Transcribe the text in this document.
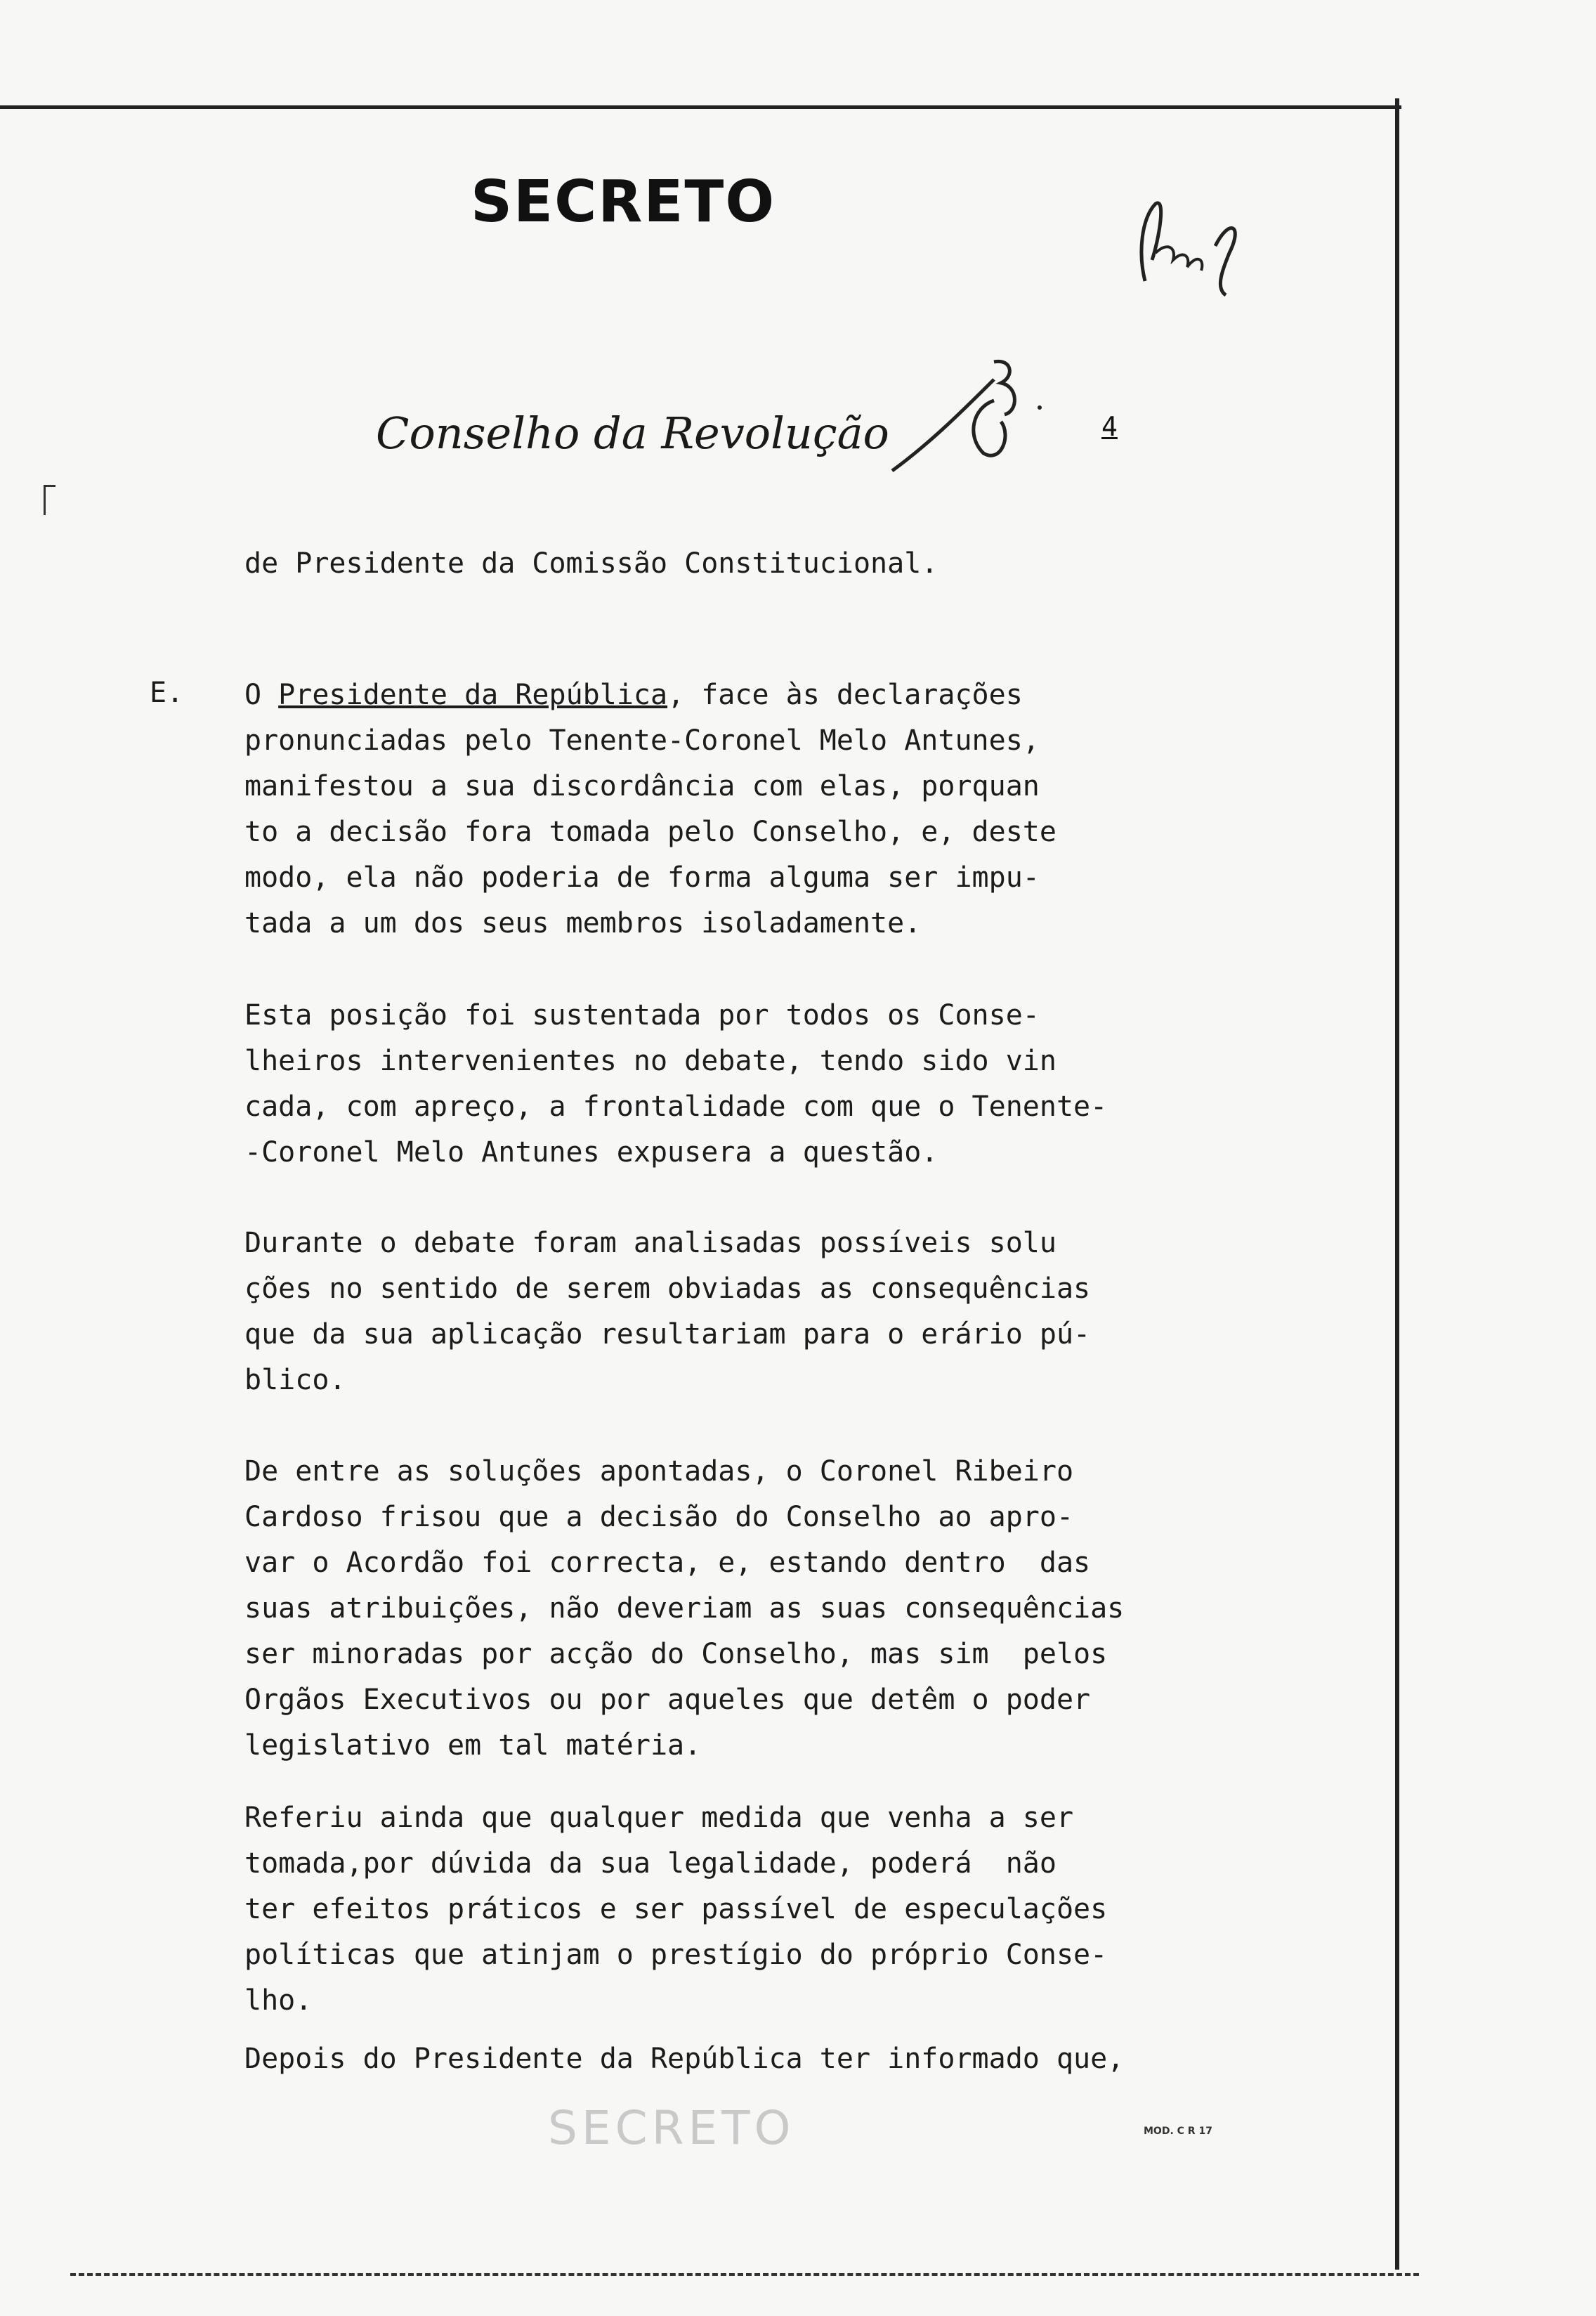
SECRETO
Conselho da Revolução	4

de Presidente da Comissão Constitucional.

E. O Presidente da República, face às declarações
pronunciadas pelo Tenente-Coronel Melo Antunes,
manifestou a sua discordância com elas, porquan
to a decisão fora tomada pelo Conselho, e, deste
modo, ela não poderia de forma alguma ser impu-
tada a um dos seus membros isoladamente.
Esta posição foi sustentada por todos os Conse-
lheiros intervenientes no debate, tendo sido vin
cada, com apreço, a frontalidade com que o Tenente-
-Coronel Melo Antunes expusera a questão.
Durante o debate foram analisadas possíveis solu
ções no sentido de serem obviadas as consequências
que da sua aplicação resultariam para o erário pú-
blico.
De entre as soluções apontadas, o Coronel Ribeiro
Cardoso frisou que a decisão do Conselho ao apro-
var o Acordão foi correcta, e, estando dentro  das
suas atribuições, não deveriam as suas consequências
ser minoradas por acção do Conselho, mas sim  pelos
Orgãos Executivos ou por aqueles que detêm o poder
legislativo em tal matéria.
Referiu ainda que qualquer medida que venha a ser
tomada,por dúvida da sua legalidade, poderá  não
ter efeitos práticos e ser passível de especulações
políticas que atinjam o prestígio do próprio Conse-
lho.
Depois do Presidente da República ter informado que,
SECRETO	MOD. C R 17
